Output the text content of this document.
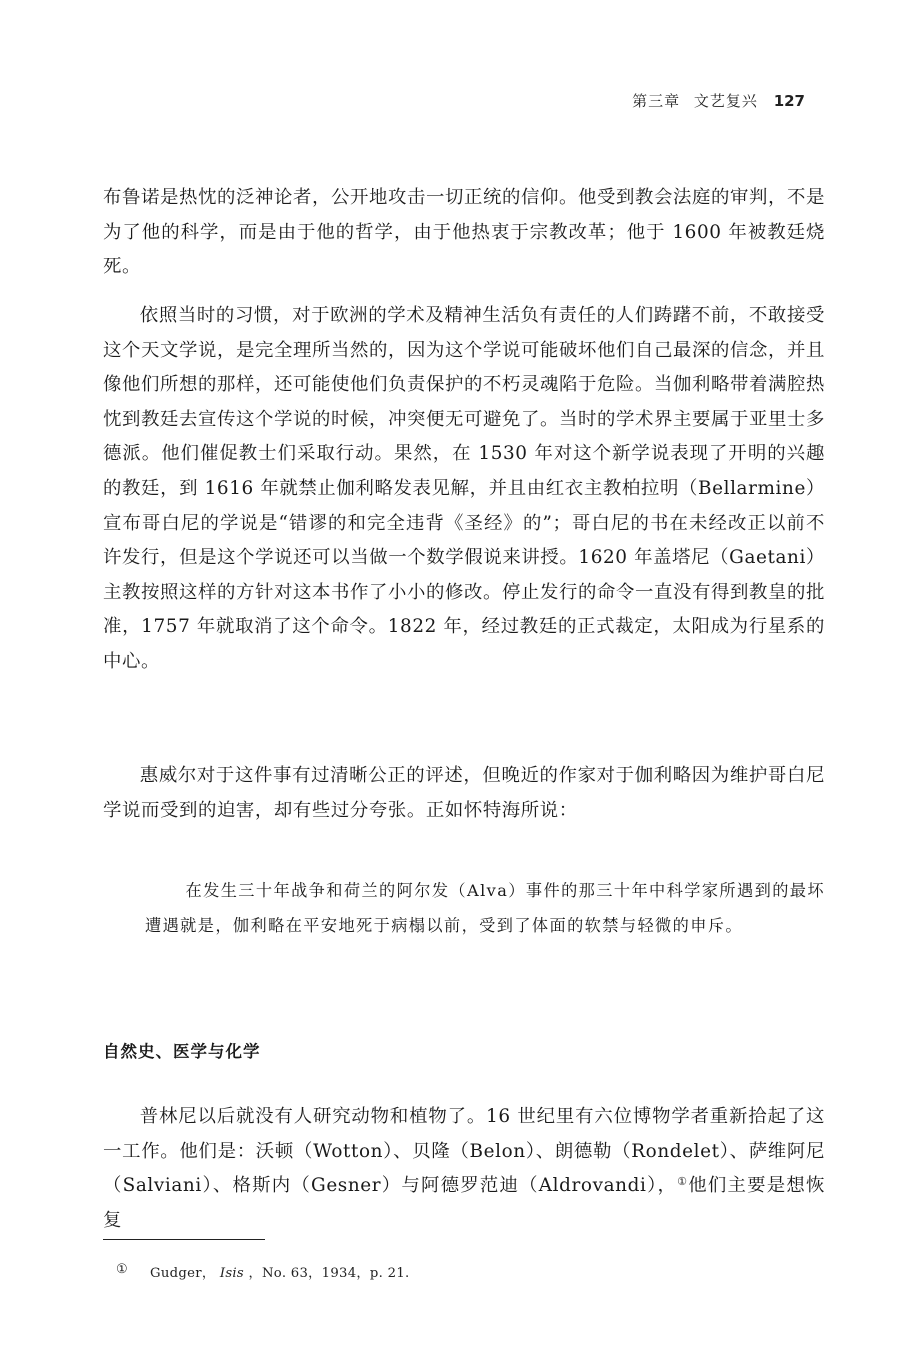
第三章 文艺复兴 127

布鲁诺是热忱的泛神论者，公开地攻击一切正统的信仰。他受到教会法庭的审判，不是为了他的科学，而是由于他的哲学，由于他热衷于宗教改革；他于 1600 年被教廷烧死。

依照当时的习惯，对于欧洲的学术及精神生活负有责任的人们踌躇不前，不敢接受这个天文学说，是完全理所当然的，因为这个学说可能破坏他们自己最深的信念，并且像他们所想的那样，还可能使他们负责保护的不朽灵魂陷于危险。当伽利略带着满腔热忱到教廷去宣传这个学说的时候，冲突便无可避免了。当时的学术界主要属于亚里士多德派。他们催促教士们采取行动。果然，在 1530 年对这个新学说表现了开明的兴趣的教廷，到 1616 年就禁止伽利略发表见解，并且由红衣主教柏拉明（Bellarmine）宣布哥白尼的学说是“错谬的和完全违背《圣经》的”；哥白尼的书在未经改正以前不许发行，但是这个学说还可以当做一个数学假说来讲授。1620 年盖塔尼（Gaetani）主教按照这样的方针对这本书作了小小的修改。停止发行的命令一直没有得到教皇的批准，1757 年就取消了这个命令。1822 年，经过教廷的正式裁定，太阳成为行星系的中心。

惠威尔对于这件事有过清晰公正的评述，但晚近的作家对于伽利略因为维护哥白尼学说而受到的迫害，却有些过分夸张。正如怀特海所说：

在发生三十年战争和荷兰的阿尔发（Alva）事件的那三十年中科学家所遇到的最坏遭遇就是，伽利略在平安地死于病榻以前，受到了体面的软禁与轻微的申斥。

自然史、医学与化学

普林尼以后就没有人研究动物和植物了。16 世纪里有六位博物学者重新拾起了这一工作。他们是：沃顿（Wotton）、贝隆（Belon）、朗德勒（Rondelet）、萨维阿尼（Salviani）、格斯内（Gesner）与阿德罗范迪（Aldrovandi），①他们主要是想恢复

① Gudger， Isis ，No. 63，1934，p. 21.
